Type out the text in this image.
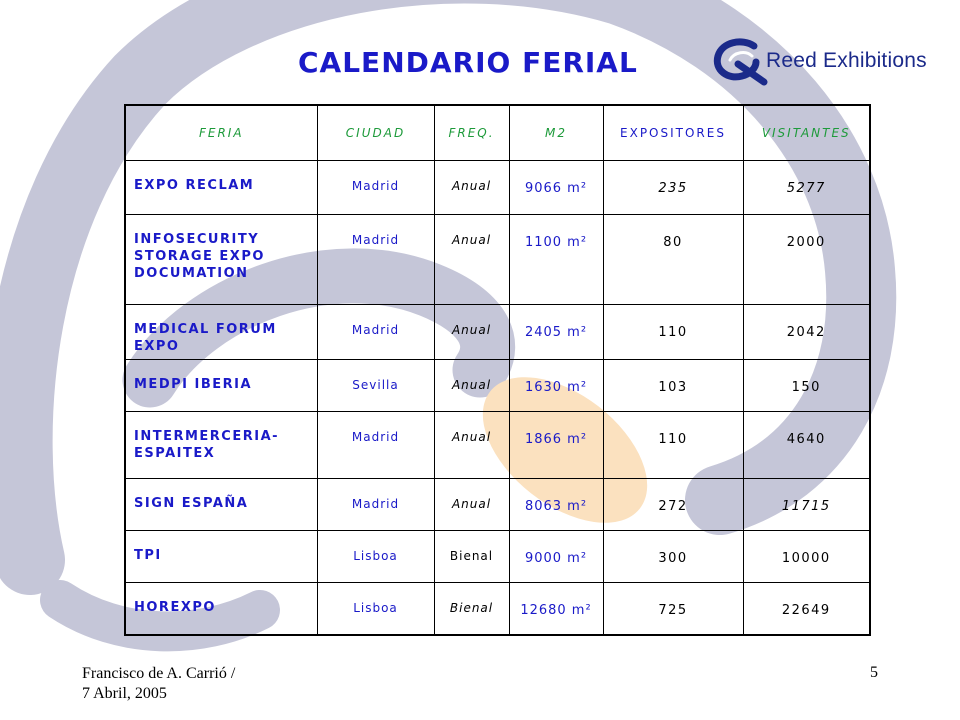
CALENDARIO FERIAL	Reed Exhibitions
FERIA	CIUDAD	FREQ.	M2	EXPOSITORES	VISITANTES

EXPO RECLAM	Madrid	Anual	9066 m²	235	5277

INFOSECURITY
STORAGE EXPO
DOCUMATION	Madrid	Anual	1100 m²	80	2000

MEDICAL FORUM
EXPO	Madrid	Anual	2405 m²	110	2042

MEDPI IBERIA	Sevilla	Anual	1630 m²	103	150

INTERMERCERIA-
ESPAITEX	Madrid	Anual	1866 m²	110	4640

SIGN ESPAÑA	Madrid	Anual	8063 m²	272	11715

TPI	Lisboa	Bienal	9000 m²	300	10000

HOREXPO	Lisboa	Bienal	12680 m²	725	22649
Francisco de A. Carrió /
7 Abril, 2005
5
